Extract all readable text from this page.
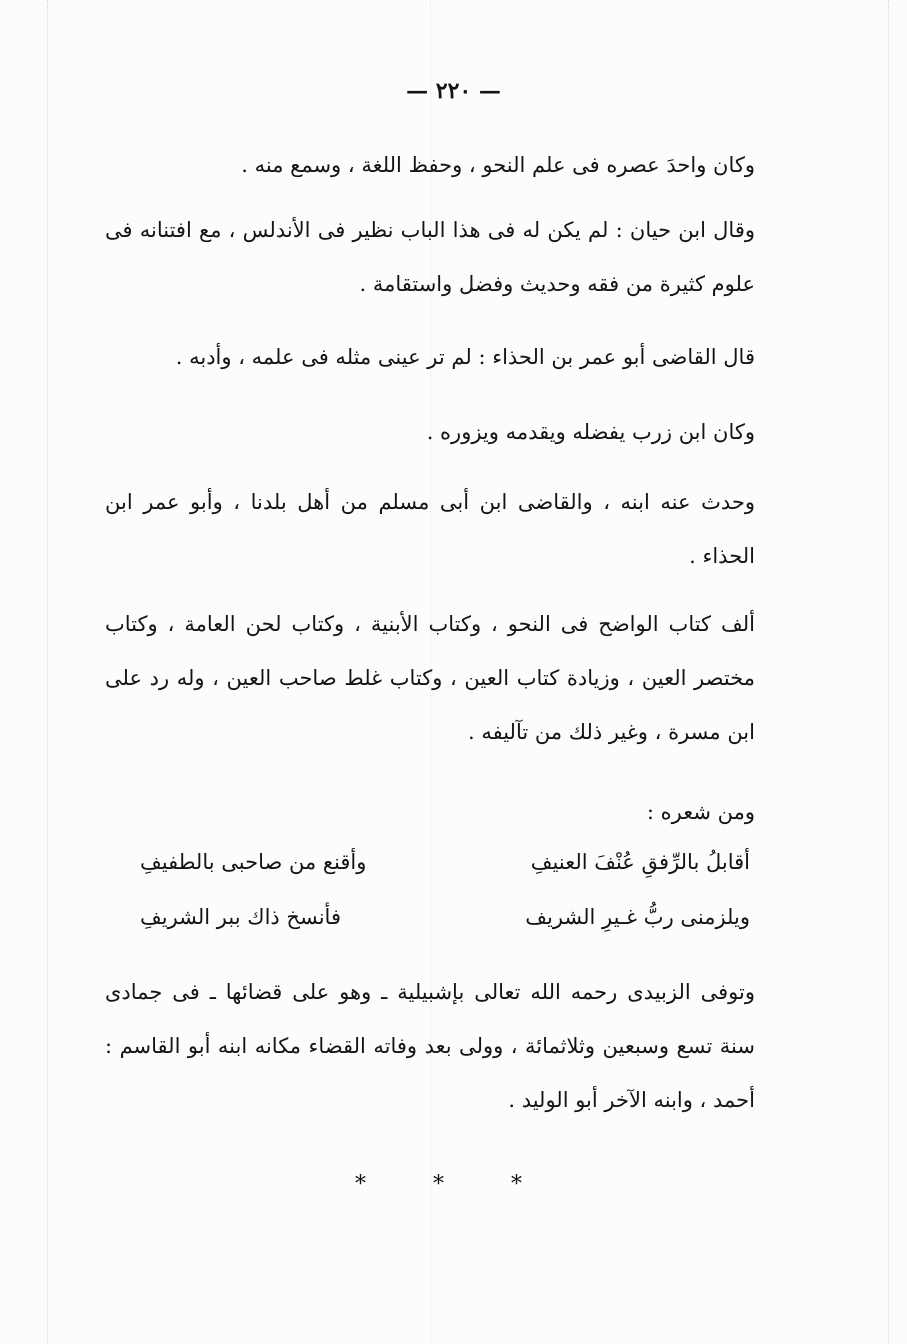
— ٢٢٠ —
وكان واحدَ عصره فى علم النحو ، وحفظ اللغة ، وسمع منه .
وقال ابن حيان : لم يكن له فى هذا الباب نظير فى الأندلس ، مع افتنانه فى علوم كثيرة من فقه وحديث وفضل واستقامة .
قال القاضى أبو عمر بن الحذاء : لم تر عينى مثله فى علمه ، وأدبه .
وكان ابن زرب يفضله ويقدمه ويزوره .
وحدث عنه ابنه ، والقاضى ابن أبى مسلم من أهل بلدنا ، وأبو عمر ابن الحذاء .
ألف كتاب الواضح فى النحو ، وكتاب الأبنية ، وكتاب لحن العامة ، وكتاب مختصر العين ، وزيادة كتاب العين ، وكتاب غلط صاحب العين ، وله رد على ابن مسرة ، وغير ذلك من تآليفه .
ومن شعره :
أقابلُ بالرِّفقِ عُنْفَ العنيفِ
وأقنع من صاحبى بالطفيفِ
ويلزمنى ربُّ غـيرِ الشريف
فأنسخ ذاك ببر الشريفِ
وتوفى الزبيدى رحمه الله تعالى بإشبيلية ـ وهو على قضائها ـ فى جمادى سنة تسع وسبعين وثلاثمائة ، وولى بعد وفاته القضاء مكانه ابنه أبو القاسم : أحمد ، وابنه الآخر أبو الوليد .
* * *
